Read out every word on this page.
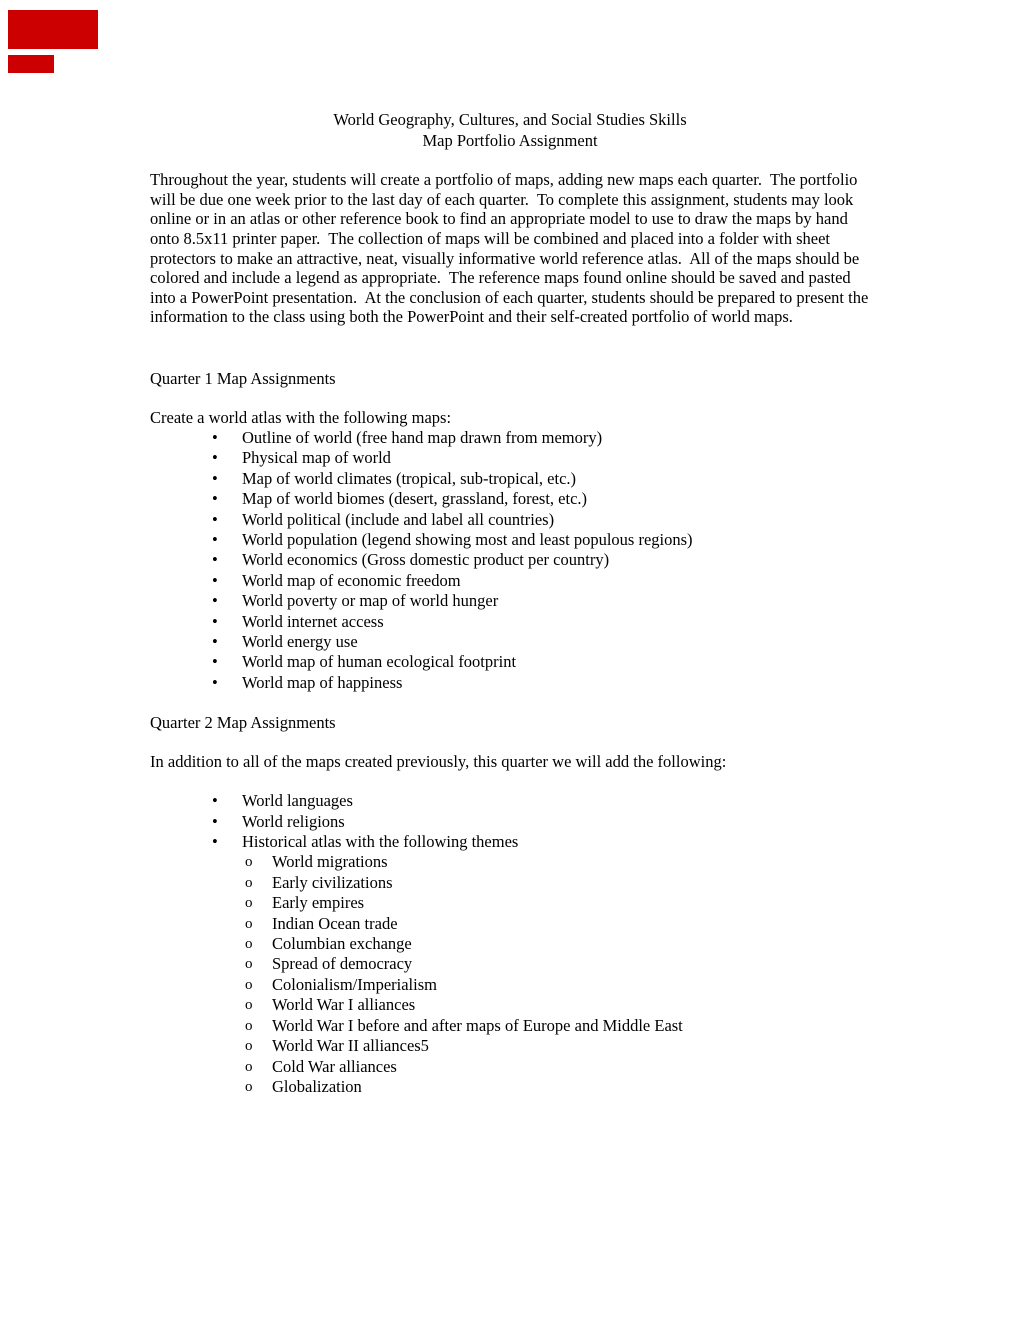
World Geography, Cultures, and Social Studies Skills
Map Portfolio Assignment

Throughout the year, students will create a portfolio of maps, adding new maps each quarter.  The portfolio will be due one week prior to the last day of each quarter.  To complete this assignment, students may look online or in an atlas or other reference book to find an appropriate model to use to draw the maps by hand onto 8.5x11 printer paper.  The collection of maps will be combined and placed into a folder with sheet protectors to make an attractive, neat, visually informative world reference atlas.  All of the maps should be colored and include a legend as appropriate.  The reference maps found online should be saved and pasted into a PowerPoint presentation.  At the conclusion of each quarter, students should be prepared to present the information to the class using both the PowerPoint and their self-created portfolio of world maps.

Quarter 1 Map Assignments
Create a world atlas with the following maps:
•	Outline of world (free hand map drawn from memory)
•	Physical map of world
•	Map of world climates (tropical, sub-tropical, etc.)
•	Map of world biomes (desert, grassland, forest, etc.)
•	World political (include and label all countries)
•	World population (legend showing most and least populous regions)
•	World economics (Gross domestic product per country)
•	World map of economic freedom
•	World poverty or map of world hunger
•	World internet access
•	World energy use
•	World map of human ecological footprint
•	World map of happiness
Quarter 2 Map Assignments
In addition to all of the maps created previously, this quarter we will add the following:
•	World languages
•	World religions
•	Historical atlas with the following themes
o	World migrations
o	Early civilizations
o	Early empires
o	Indian Ocean trade
o	Columbian exchange
o	Spread of democracy
o	Colonialism/Imperialism
o	World War I alliances
o	World War I before and after maps of Europe and Middle East
o	World War II alliances5
o	Cold War alliances
o	Globalization
